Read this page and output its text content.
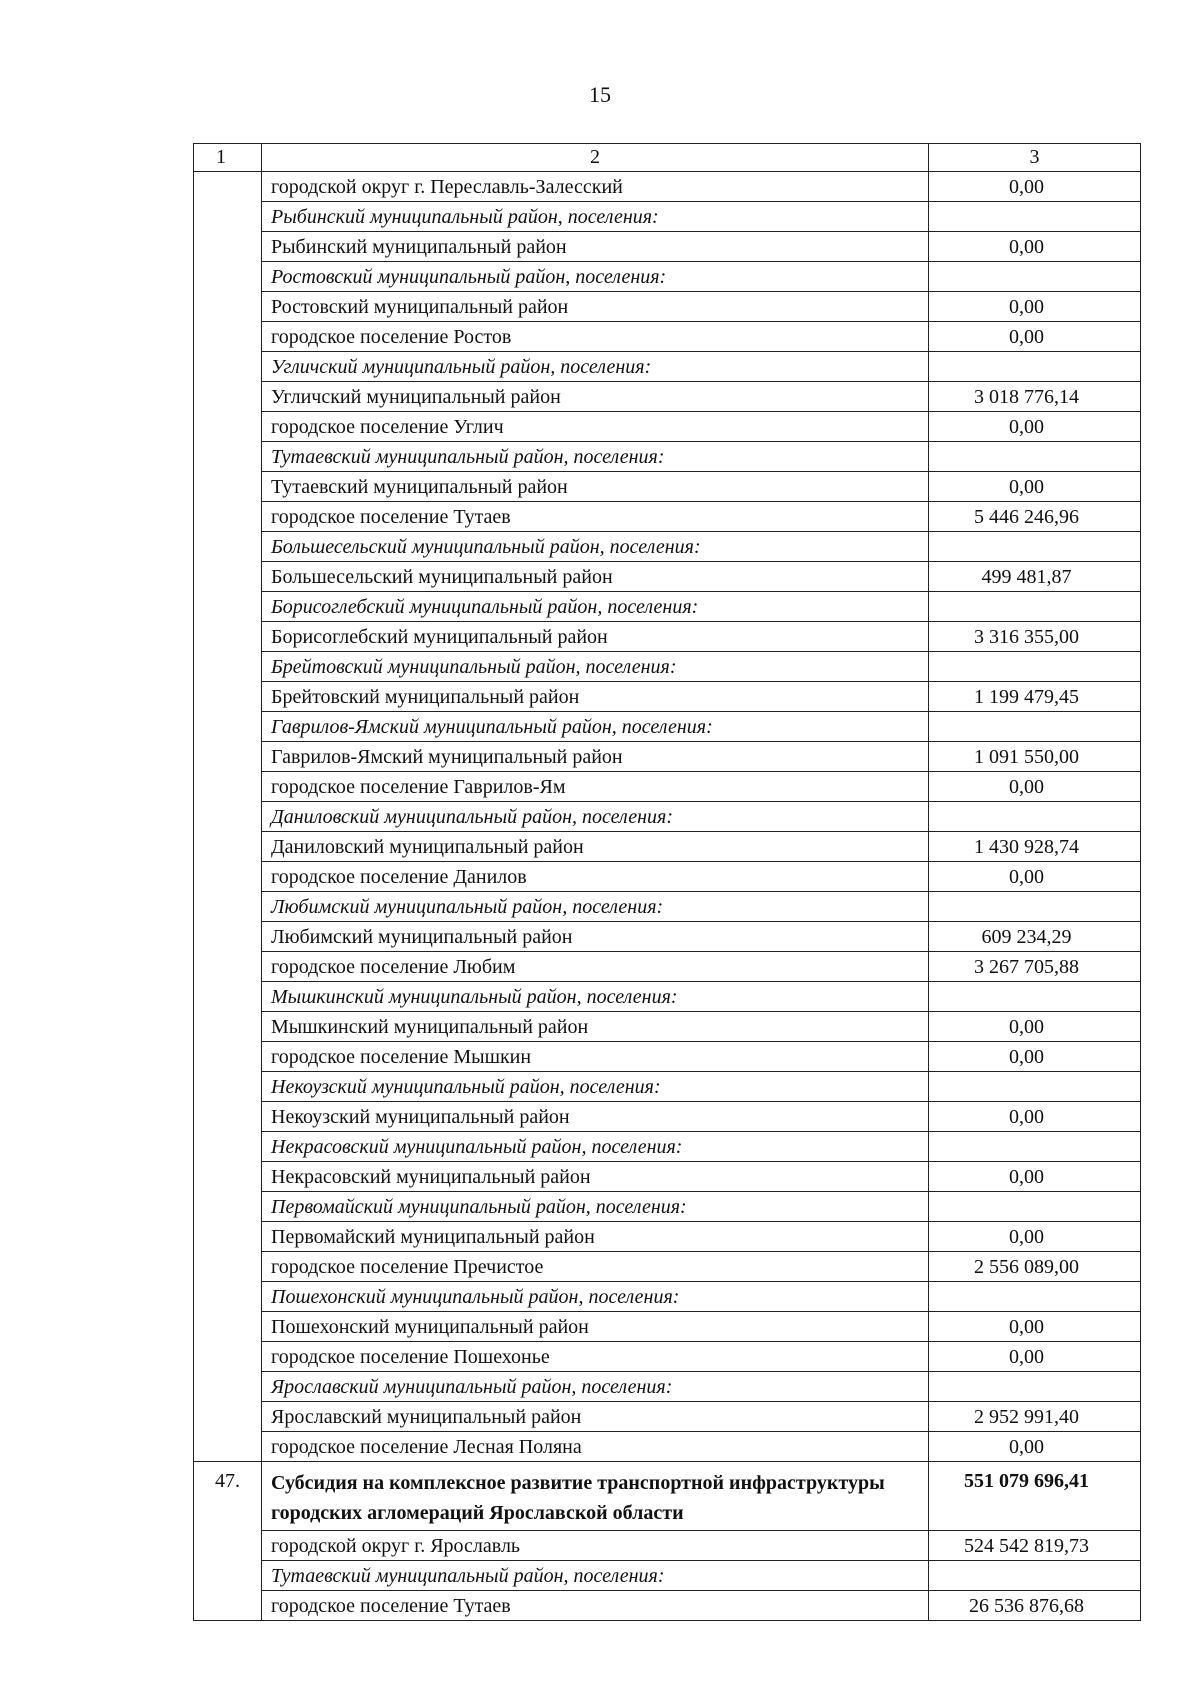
15
1	2	3
	городской округ г. Переславль-Залесский	0,00
	Рыбинский муниципальный район, поселения:	
	Рыбинский муниципальный район	0,00
	Ростовский муниципальный район, поселения:	
	Ростовский муниципальный район	0,00
	городское поселение Ростов	0,00
	Угличский муниципальный район, поселения:	
	Угличский муниципальный район	3 018 776,14
	городское поселение Углич	0,00
	Тутаевский муниципальный район, поселения:	
	Тутаевский муниципальный район	0,00
	городское поселение Тутаев	5 446 246,96
	Большесельский муниципальный район, поселения:	
	Большесельский муниципальный район	499 481,87
	Борисоглебский муниципальный район, поселения:	
	Борисоглебский муниципальный район	3 316 355,00
	Брейтовский муниципальный район, поселения:	
	Брейтовский муниципальный район	1 199 479,45
	Гаврилов-Ямский муниципальный район, поселения:	
	Гаврилов-Ямский муниципальный район	1 091 550,00
	городское поселение Гаврилов-Ям	0,00
	Даниловский муниципальный район, поселения:	
	Даниловский муниципальный район	1 430 928,74
	городское поселение Данилов	0,00
	Любимский муниципальный район, поселения:	
	Любимский муниципальный район	609 234,29
	городское поселение Любим	3 267 705,88
	Мышкинский муниципальный район, поселения:	
	Мышкинский муниципальный район	0,00
	городское поселение Мышкин	0,00
	Некоузский муниципальный район, поселения:	
	Некоузский муниципальный район	0,00
	Некрасовский муниципальный район, поселения:	
	Некрасовский муниципальный район	0,00
	Первомайский муниципальный район, поселения:	
	Первомайский муниципальный район	0,00
	городское поселение Пречистое	2 556 089,00
	Пошехонский муниципальный район, поселения:	
	Пошехонский муниципальный район	0,00
	городское поселение Пошехонье	0,00
	Ярославский муниципальный район, поселения:	
	Ярославский муниципальный район	2 952 991,40
	городское поселение Лесная Поляна	0,00
47.	Субсидия на комплексное развитие транспортной инфраструктуры городских агломераций Ярославской области	551 079 696,41
	городской округ г. Ярославль	524 542 819,73
	Тутаевский муниципальный район, поселения:	
	городское поселение Тутаев	26 536 876,68
